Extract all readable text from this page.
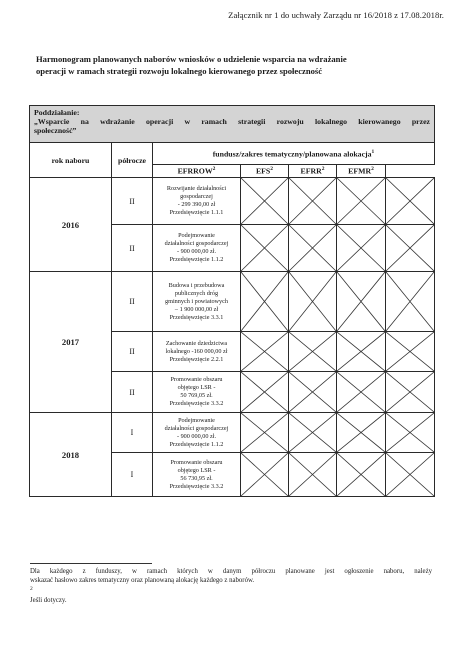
Załącznik nr 1 do uchwały Zarządu nr 16/2018 z 17.08.2018r.
Harmonogram planowanych naborów wniosków o udzielenie wsparcia na wdrażanie
operacji w ramach strategii rozwoju lokalnego kierowanego przez społeczność
Poddziałanie:
„Wsparcie na wdrażanie operacji w ramach strategii rozwoju lokalnego kierowanego przez
społeczność”						

rok naboru	półrocze	fundusz/zakres tematyczny/planowana alokacja$^1$
		EFRROW$^2$	EFS$^2$	EFRR$^2$	EFMR$^2$
2016	II	Rozwijanie działalności
gospodarczej
- 299 390,00 zł
Przedsięwzięcie 1.1.1

	II	Podejmowanie
działalności gospodarczej
- 900 000,00 zł.
Przedsięwzięcie 1.1.2

2017	II	Budowa i przebudowa
publicznych dróg
gminnych i powiatowych
– 1 900 000,00 zł
Przedsięwzięcie 3.3.1

	II	Zachowanie dziedzictwa
lokalnego -160 000,00 zł
Przedsięwzięcie 2.2.1

	II	Promowanie obszaru
objętego LSR -
50 769,05 zł.
Przedsięwzięcie 3.3.2

2018	I	Podejmowanie
działalności gospodarczej
- 900 000,00 zł.
Przedsięwzięcie 1.1.2

	I	Promowanie obszaru
objętego LSR -
56 730,95 zł.
Przedsięwzięcie 3.3.2

Dla każdego z funduszy, w ramach których w danym półroczu planowane jest ogłoszenie naboru, należy
wskazać hasłowo zakres tematyczny oraz planowaną alokację każdego z naborów.
$^2$
Jeśli dotyczy.
